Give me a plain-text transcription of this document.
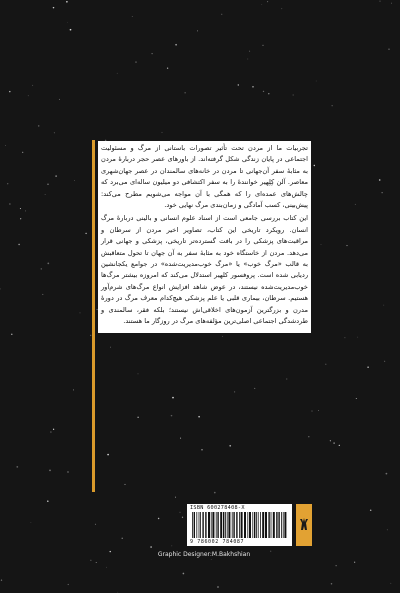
تجربیات ما از مردن تحت تأثیر تصورات باستانی از مرگ و مسئولیت اجتماعی در پایان زندگی شکل گرفته‌اند. از باورهای عصر حجر دربارهٔ مردن به مثابهٔ سفر آن‌جهانی تا مردن در خانه‌های سالمندان در عصر جهان‌شهری معاصر. آلن کِلِهیر خوانندهٔ را به سفر اکتشافی دو میلیون ساله‌ای می‌برد که چالش‌های عمده‌ای را که همگی با آن مواجه می‌شویم مطرح می‌کند: پیش‌بینی، کسب آمادگی و زمان‌بندی مرگ نهایی خود.

این کتاب بررسی جامعی است از اسناد علوم انسانی و بالینی دربارهٔ مرگ انسان. رویکرد تاریخی این کتاب، تصاویر اخیر مردن از سرطان و مراقبت‌های پزشکی را در بافت گسترده‌تر تاریخی، پزشکی و جهانی قرار می‌دهد. مردن از خاستگاه خود به مثابهٔ سفر به آن جهان تا تحول متعاقبش به قالب «مرگ خوب» یا «مرگ خوب‌مدیریت‌شده» در جوامع یکجانشین ردیابی شده است. پروفسور کلهیر استدلال می‌کند که امروزه بیشتر مرگ‌ها خوب‌مدیریت‌شده نیستند، در عوض شاهد افزایش انواع مرگ‌های شرم‌آور هستیم. سرطان، بیماری قلبی یا علم پزشکی هیچ‌کدام معرف مرگ در دورهٔ مدرن و بزرگترین آزمون‌های اخلاقی‌اش نیستند؛ بلکه فقر، سالمندی و طردشدگی اجتماعی اصلی‌ترین مؤلفه‌های مرگ در روزگار ما هستند.

ISBN 600278408-X
9 786002 784087
Graphic Designer:M.Bakhshian
